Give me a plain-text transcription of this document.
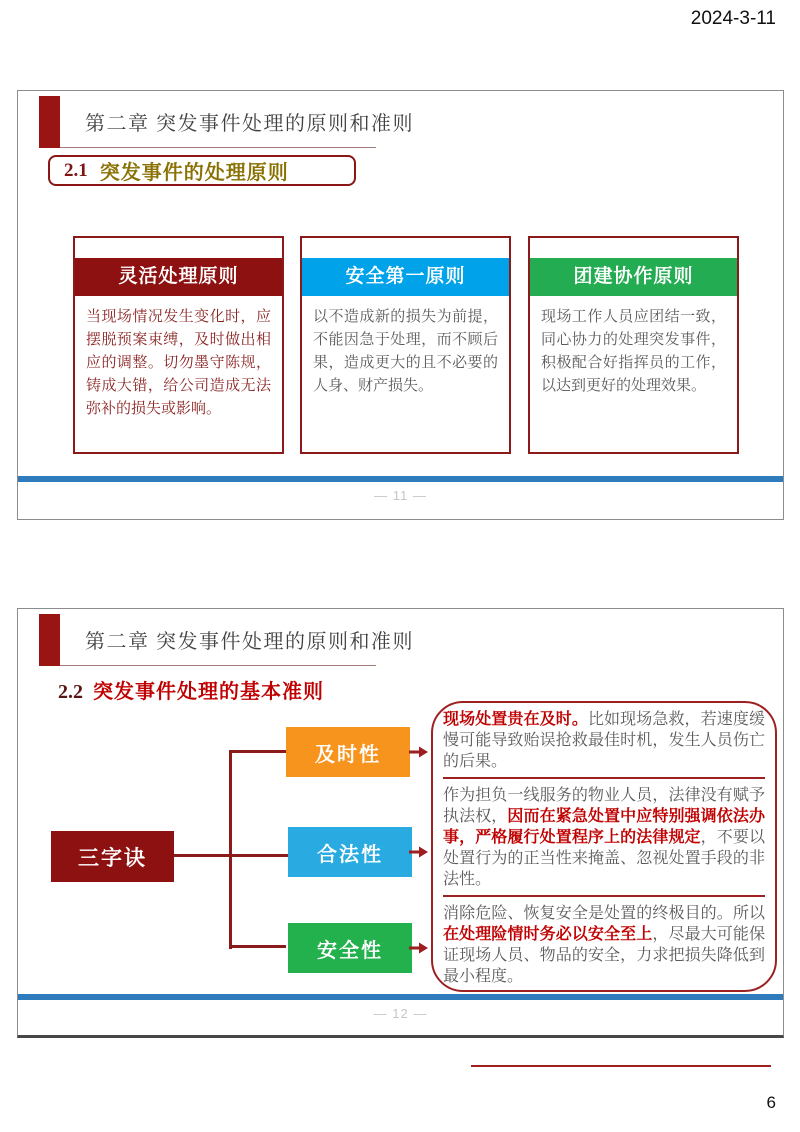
2024-3-11
第二章 突发事件处理的原则和准则
2.1 突发事件的处理原则
灵活处理原则
当现场情况发生变化时，应摆脱预案束缚，及时做出相应的调整。切勿墨守陈规，铸成大错，给公司造成无法弥补的损失或影响。
安全第一原则
以不造成新的损失为前提，不能因急于处理，而不顾后果，造成更大的且不必要的人身、财产损失。
团建协作原则
现场工作人员应团结一致，同心协力的处理突发事件，积极配合好指挥员的工作，以达到更好的处理效果。
— 11 —
第二章 突发事件处理的原则和准则
2.2 突发事件处理的基本准则
三字诀
及时性
合法性
安全性
现场处置贵在及时。比如现场急救，若速度缓慢可能导致贻误抢救最佳时机，发生人员伤亡的后果。
作为担负一线服务的物业人员，法律没有赋予执法权，因而在紧急处置中应特别强调依法办事，严格履行处置程序上的法律规定，不要以处置行为的正当性来掩盖、忽视处置手段的非法性。
消除危险、恢复安全是处置的终极目的。所以在处理险情时务必以安全至上，尽最大可能保证现场人员、物品的安全，力求把损失降低到最小程度。
— 12 —
6
